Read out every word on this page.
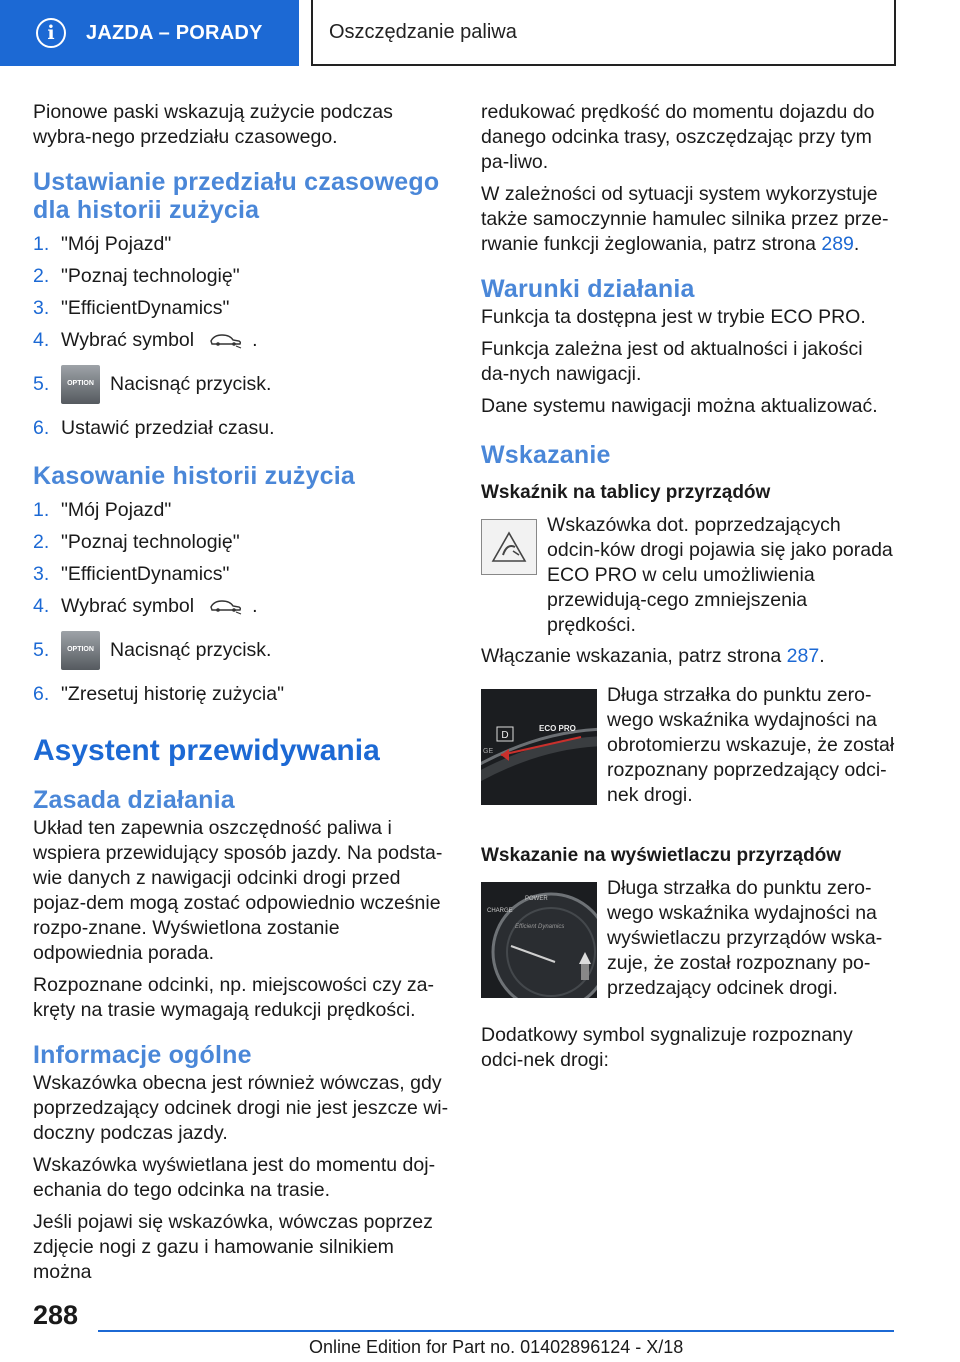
i	JAZDA – PORADY	Oszczędzanie paliwa

Pionowe paski wskazują zużycie podczas wybra-nego przedziału czasowego.

Ustawianie przedziału czasowego dla historii zużycia
1. "Mój Pojazd"
2. "Poznaj technologię"
3. "EfficientDynamics"
4. Wybrać symbol	.
5.	OPTION Nacisnąć przycisk.
6. Ustawić przedział czasu.
Kasowanie historii zużycia
1. "Mój Pojazd"
2. "Poznaj technologię"
3. "EfficientDynamics"
4. Wybrać symbol	.
5.	OPTION Nacisnąć przycisk.
6. "Zresetuj historię zużycia"
Asystent przewidywania
Zasada działania

Układ ten zapewnia oszczędność paliwa i wspiera przewidujący sposób jazdy. Na podsta-wie danych z nawigacji odcinki drogi przed pojaz-dem mogą zostać odpowiednio wcześnie rozpo-znane. Wyświetlona zostanie odpowiednia porada.

Rozpoznane odcinki, np. miejscowości czy za-kręty na trasie wymagają redukcji prędkości.

Informacje ogólne

Wskazówka obecna jest również wówczas, gdy poprzedzający odcinek drogi nie jest jeszcze wi-doczny podczas jazdy.

Wskazówka wyświetlana jest do momentu doj-echania do tego odcinka na trasie.

Jeśli pojawi się wskazówka, wówczas poprzez zdjęcie nogi z gazu i hamowanie silnikiem można

redukować prędkość do momentu dojazdu do danego odcinka trasy, oszczędzając przy tym pa-liwo.

W zależności od sytuacji system wykorzystuje także samoczynnie hamulec silnika przez prze-rwanie funkcji żeglowania, patrz strona 289.

Warunki działania

Funkcja ta dostępna jest w trybie ECO PRO.

Funkcja zależna jest od aktualności i jakości da-nych nawigacji.

Dane systemu nawigacji można aktualizować.

Wskazanie
Wskaźnik na tablicy przyrządów
Wskazówka dot. poprzedzających odcin-ków drogi pojawia się jako porada ECO PRO w celu umożliwienia przewidują-cego zmniejszenia prędkości.

Włączanie wskazania, patrz strona 287.

D
ECO PRO
GE
Długa strzałka do punktu zero-wego wskaźnika wydajności na obrotomierzu wskazuje, że został rozpoznany poprzedzający odci-nek drogi.
Wskazanie na wyświetlaczu przyrządów
CHARGE
POWER
Efficient Dynamics
Długa strzałka do punktu zero-wego wskaźnika wydajności na wyświetlaczu przyrządów wska-zuje, że został rozpoznany po-przedzający odcinek drogi.

Dodatkowy symbol sygnalizuje rozpoznany odci-nek drogi:

288
Online Edition for Part no. 01402896124 - X/18
